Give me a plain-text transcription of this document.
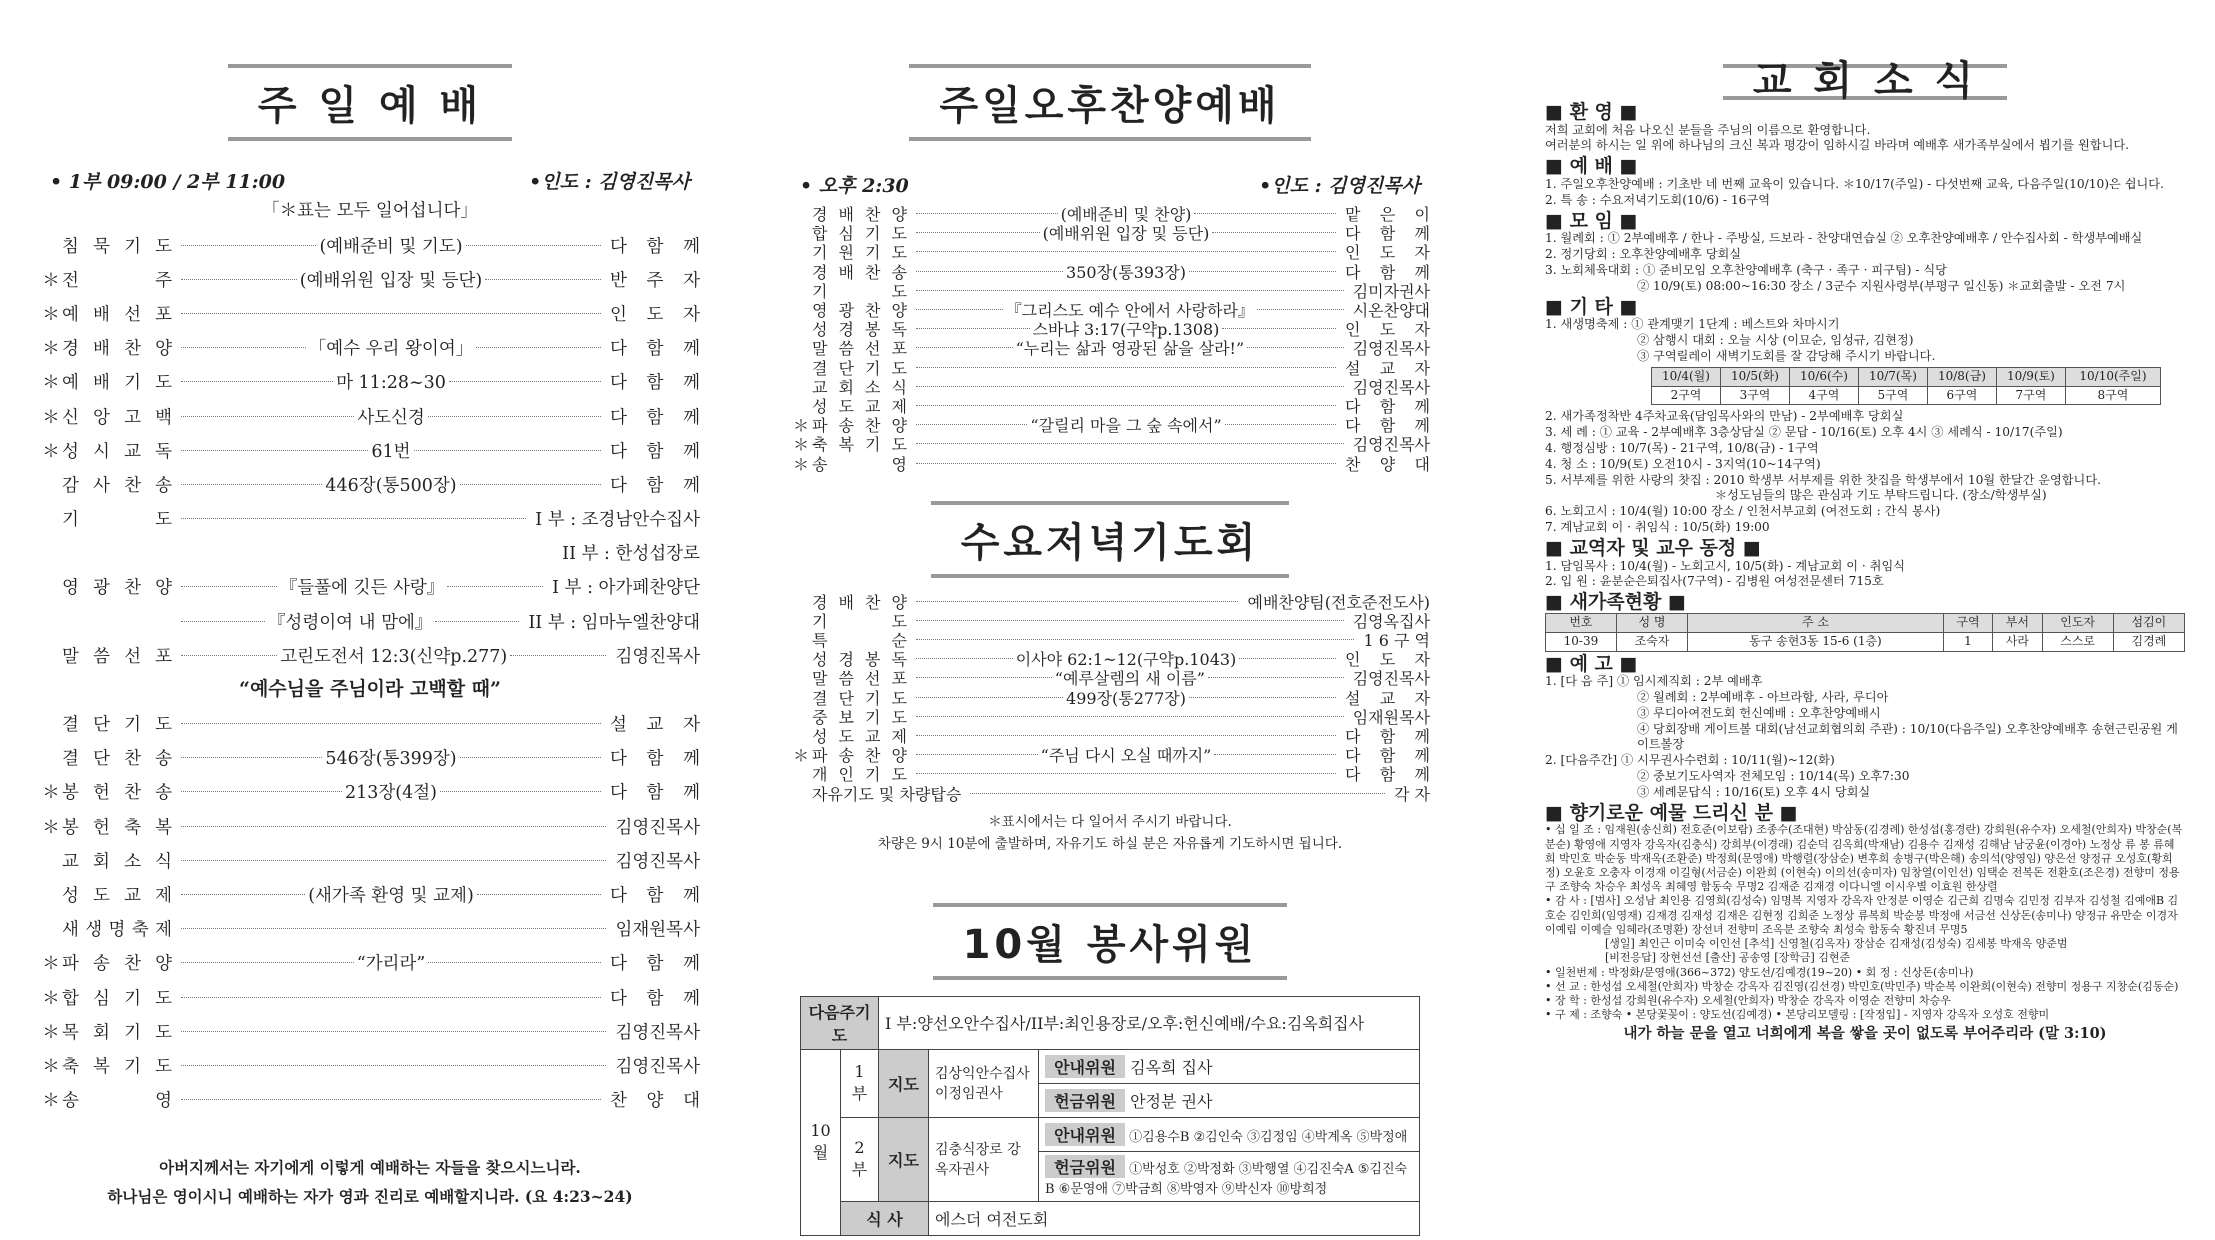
주 일 예 배
• 1부 09:00 / 2부 11:00	•인도 : 김영진목사
「＊표는 모두 일어섭니다」
침 묵 기 도	(예배준비 및 기도)	다 함 께
＊ 전	주	(예배위원 입장 및 등단)	반 주 자
＊ 예 배 선 포	인 도 자
＊ 경 배 찬 양	「예수 우리 왕이여」	다 함 께
＊ 예 배 기 도	마 11:28~30	다 함 께
＊ 신 앙 고 백	사도신경	다 함 께
＊ 성 시 교 독	61번	다 함 께
감 사 찬 송	446장(통500장)	다 함 께
기	도	I 부 : 조경남안수집사
II 부 : 한성섭장로
영 광 찬 양	『들풀에 깃든 사랑』	I 부 : 아가페찬양단
『성령이여 내 맘에』	II 부 : 임마누엘찬양대
말 씀 선 포	고린도전서 12:3(신약p.277)	김영진목사
“예수님을 주님이라 고백할 때”
결 단 기 도	설 교 자
결 단 찬 송	546장(통399장)	다 함 께
＊ 봉 헌 찬 송	213장(4절)	다 함 께
＊ 봉 헌 축 복	김영진목사
교 회 소 식	김영진목사
성 도 교 제	(새가족 환영 및 교제)	다 함 께
새 생 명 축 제	임재원목사
＊ 파 송 찬 양	“가리라”	다 함 께
＊ 합 심 기 도	다 함 께
＊ 목 회 기 도	김영진목사
＊ 축 복 기 도	김영진목사
＊ 송	영	찬 양 대
아버지께서는 자기에게 이렇게 예배하는 자들을 찾으시느니라.
하나님은 영이시니 예배하는 자가 영과 진리로 예배할지니라. (요 4:23~24)
주일오후찬양예배
• 오후 2:30	•인도 : 김영진목사
경 배 찬 양	(예배준비 및 찬양)	맡 은 이
합 심 기 도	(예배위원 입장 및 등단)	다 함 께
기 원 기 도	인 도 자
경 배 찬 송	350장(통393장)	다 함 께
기	도	김미자권사
영 광 찬 양	『그리스도 예수 안에서 사랑하라』	시온찬양대
성 경 봉 독	스바냐 3:17(구약p.1308)	인 도 자
말 씀 선 포	“누리는 삶과 영광된 삶을 살라!”	김영진목사
결 단 기 도	설 교 자
교 회 소 식	김영진목사
성 도 교 제	다 함 께
＊ 파 송 찬 양	“갈릴리 마을 그 숲 속에서”	다 함 께
＊ 축 복 기 도	김영진목사
＊ 송	영	찬 양 대
수요저녁기도회
경 배 찬 양	예배찬양팀(전호준전도사)
기	도	김영옥집사
특	순	1 6 구 역
성 경 봉 독	이사야 62:1~12(구약p.1043)	인 도 자
말 씀 선 포	“예루살렘의 새 이름”	김영진목사
결 단 기 도	499장(통277장)	설 교 자
중 보 기 도	임재원목사
성 도 교 제	다 함 께
＊ 파 송 찬 양	“주님 다시 오실 때까지”	다 함 께
개 인 기 도	다 함 께
자유기도 및 차량탑승	각 자
＊표시에서는 다 일어서 주시기 바랍니다.
차량은 9시 10분에 출발하며, 자유기도 하실 분은 자유롭게 기도하시면 됩니다.
10월 봉사위원
다음주기도		I 부:양선오안수집사/II부:최인용장로/오후:헌신예배/수요:김옥희집사		
10월	1부	지도	김상익안수집사 이정임권사	안내위원 김옥희 집사
				헌금위원 안정분 권사
	2부	지도	김충식장로 강옥자권사	안내위원 ①김용수B ②김인숙 ③김정임 ④박계옥 ⑤박정애
				헌금위원 ①박성호 ②박정화 ③박행열 ④김진숙A ⑤김진숙B ⑥문영애 ⑦박금희 ⑧박영자 ⑨박신자 ⑩방희정
	식 사		에스더 여전도회	
교 회 소 식
■ 환 영 ■
저희 교회에 처음 나오신 분들을 주님의 이름으로 환영합니다.
여러분의 하시는 일 위에 하나님의 크신 복과 평강이 임하시길 바라며 예배후 새가족부실에서 뵙기를 원합니다.
■ 예 배 ■
1. 주일오후찬양예배 : 기초반 네 번째 교육이 있습니다. ＊10/17(주일) - 다섯번째 교육, 다음주일(10/10)은 쉽니다.
2. 특 송 : 수요저녁기도회(10/6) - 16구역
■ 모 임 ■
1. 월례회 : ① 2부예배후 / 한나 - 주방실, 드보라 - 찬양대연습실 ② 오후찬양예배후 / 안수집사회 - 학생부예배실
2. 정기당회 : 오후찬양예배후 당회실
3. 노회체육대회 : ① 준비모임 오후찬양예배후 (축구 · 족구 · 피구팀) - 식당
② 10/9(토) 08:00~16:30 장소 / 3군수 지원사령부(부평구 일신동) ＊교회출발 - 오전 7시
■ 기 타 ■
1. 새생명축제 : ① 관계맺기 1단계 : 베스트와 차마시기
② 삼행시 대회 : 오늘 시상 (이묘순, 임성규, 김현정)
③ 구역릴레이 새벽기도회를 잘 감당해 주시기 바랍니다.
10/4(월)	10/5(화)	10/6(수)	10/7(목)	10/8(금)	10/9(토)	10/10(주일)
2구역	3구역	4구역	5구역	6구역	7구역	8구역
2. 새가족정착반 4주차교육(담임목사와의 만남) - 2부예배후 당회실
3. 세 례 : ① 교육 - 2부예배후 3층상담실 ② 문답 - 10/16(토) 오후 4시 ③ 세례식 - 10/17(주일)
4. 행정심방 : 10/7(목) - 21구역, 10/8(금) - 1구역
4. 청 소 : 10/9(토) 오전10시 - 3지역(10~14구역)
5. 서부제를 위한 사랑의 찻집 : 2010 학생부 서부제를 위한 찻집을 학생부에서 10월 한달간 운영합니다.
＊성도님들의 많은 관심과 기도 부탁드립니다. (장소/학생부실)
6. 노회고시 : 10/4(월) 10:00 장소 / 인천서부교회 (여전도회 : 간식 봉사)
7. 계남교회 이 · 취임식 : 10/5(화) 19:00
■ 교역자 및 교우 동정 ■
1. 담임목사 : 10/4(월) - 노회고시, 10/5(화) - 계남교회 이 · 취임식
2. 입 원 : 윤분순은퇴집사(7구역) - 김병원 여성전문센터 715호
■ 새가족현황 ■
번호	성 명	주 소	구역	부서	인도자	섬김이
10-39	조숙자	동구 송현3동 15-6 (1층)	1	사라	스스로	김경례
■ 예 고 ■
1. [다 음 주] ① 임시제직회 : 2부 예배후
② 월례회 : 2부예배후 - 아브라함, 사라, 루디아
③ 루디아여전도회 헌신예배 : 오후찬양예배시
④ 당회장배 게이트볼 대회(남선교회협의회 주관) : 10/10(다음주일) 오후찬양예배후 송현근린공원 게이트볼장
2. [다음주간] ① 시무권사수련회 : 10/11(월)~12(화)
② 중보기도사역자 전체모임 : 10/14(목) 오후7:30
③ 세례문답식 : 10/16(토) 오후 4시 당회실
■ 향기로운 예물 드리신 분 ■
• 십 일 조 : 임재원(송신희) 전호준(이보람) 조종수(조대현) 박삼동(김경례) 한성섭(홍경란) 강희원(유수자) 오세철(안희자) 박창순(복분순) 황영애 지영자 강옥자(김충식) 강희부(이경래) 김순덕 김옥희(박재남) 김용수 김재성 김해남 남궁윤(이경아) 노정상 류 봉 류혜희 박민호 박순동 박재옥(조환준) 박정희(문영애) 박행렬(장삼순) 변후희 송병구(박은해) 송의석(양영임) 양은선 양정규 오성호(황희정) 오윤호 오충자 이경재 이길형(서금순) 이완희 (이현숙) 이의선(송미자) 임창열(이인선) 임택순 전복돈 전환호(조은경) 전향미 정용구 조향숙 차승우 최성옥 최혜영 함동숙 무명2 김재준 김재경 이다니엘 이시우별 이효원 한상렬
• 감 사 : [범사] 오성남 최인용 김영희(김성숙) 임명복 지영자 강옥자 안정분 이영순 김근희 김명숙 김민정 김부자 김성철 김예애B 김호순 김인희(임영재) 김재경 김재성 김재은 김현정 김희준 노정상 류복희 박순봉 박정애 서금선 신상돈(송미나) 양정규 유만순 이경자 이예림 이예슬 임혜라(조명환) 장선녀 전향미 조옥분 조향숙 최성숙 함동숙 황진녀 무명5
[생일] 최인근 이미숙 이인선 [추석] 신영철(김옥자) 장삼순 김재성(김성숙) 김세봉 박재옥 양준범
[비전응답] 장현선선 [출산] 공송영 [장학금] 김현준
• 일천번제 : 박정화/문영애(366~372) 양도선/김예경(19~20) • 회 정 : 신상돈(송미나)
• 선 교 : 한성섭 오세철(안희자) 박창순 강옥자 김진영(김선경) 박민호(박민주) 박순복 이완희(이현숙) 전향미 정용구 지창순(김동순)
• 장 학 : 한성섭 강희원(유수자) 오세철(안희자) 박창순 강옥자 이영순 전향미 차승우
• 구 제 : 조향숙 • 본당꽃꽂이 : 양도선(김예경) • 본당리모델링 : [작정입] - 지영자 강옥자 오성호 전향미
내가 하늘 문을 열고 너희에게 복을 쌓을 곳이 없도록 부어주리라 (말 3:10)
